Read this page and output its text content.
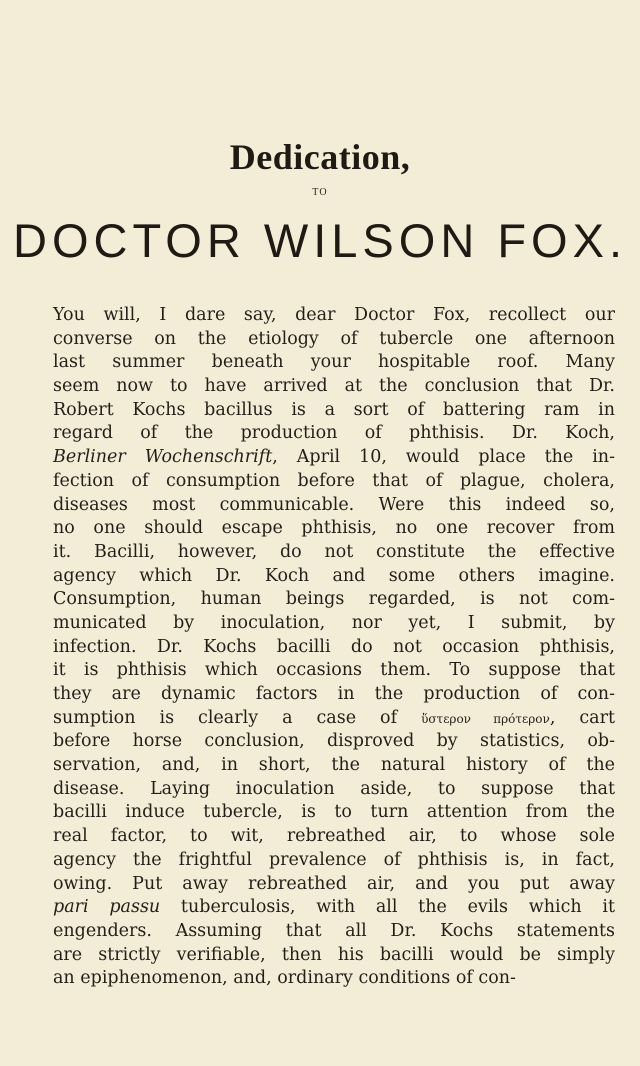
Dedication,
TO
DOCTOR WILSON FOX.
You will, I dare say, dear Doctor Fox, recollect our
converse on the etiology of tubercle one afternoon
last summer beneath your hospitable roof. Many
seem now to have arrived at the conclusion that Dr.
Robert Kochs bacillus is a sort of battering ram in
regard of the production of phthisis. Dr. Koch,
Berliner Wochenschrift, April 10, would place the in-
fection of consumption before that of plague, cholera,
diseases most communicable. Were this indeed so,
no one should escape phthisis, no one recover from
it. Bacilli, however, do not constitute the effective
agency which Dr. Koch and some others imagine.
Consumption, human beings regarded, is not com-
municated by inoculation, nor yet, I submit, by
infection. Dr. Kochs bacilli do not occasion phthisis,
it is phthisis which occasions them. To suppose that
they are dynamic factors in the production of con-
sumption is clearly a case of ὕστερον πρότερον, cart
before horse conclusion, disproved by statistics, ob-
servation, and, in short, the natural history of the
disease. Laying inoculation aside, to suppose that
bacilli induce tubercle, is to turn attention from the
real factor, to wit, rebreathed air, to whose sole
agency the frightful prevalence of phthisis is, in fact,
owing. Put away rebreathed air, and you put away
pari passu tuberculosis, with all the evils which it
engenders. Assuming that all Dr. Kochs statements
are strictly verifiable, then his bacilli would be simply
an epiphenomenon, and, ordinary conditions of con-
